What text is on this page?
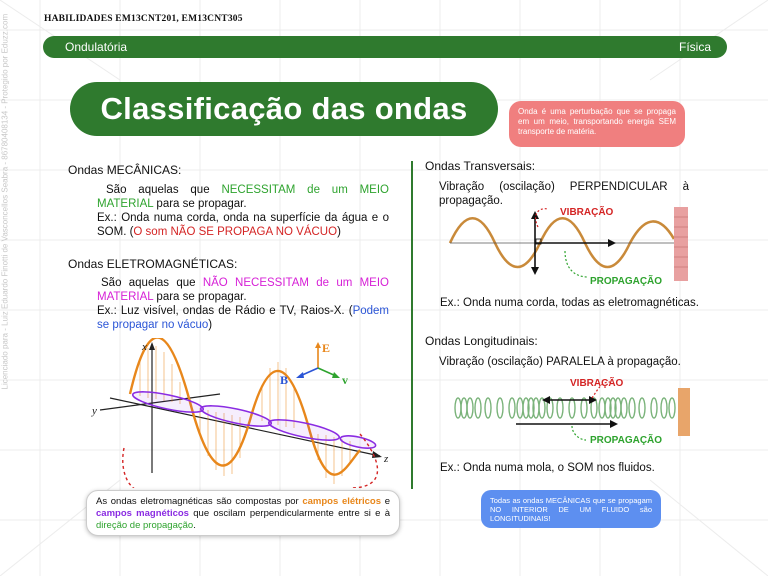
Licenciado para - Luiz Eduardo Finotti de Vasconcellos Seabra - 86780408134 - Protegido por Eduzz.com	HABILIDADES EM13CNT201, EM13CNT305
Ondulatória	Física
Classificação das ondas	Onda é uma perturbação que se propaga em um meio, transportando energia SEM transporte de matéria.
Ondas MECÂNICAS:
São aquelas que NECESSITAM de um MEIO MATERIAL para se propagar.
Ex.: Onda numa corda, onda na superfície da água e o SOM. (O som NÃO SE PROPAGA NO VÁCUO)
Ondas ELETROMAGNÉTICAS:
São aquelas que NÃO NECESSITAM de um MEIO MATERIAL para se propagar.
Ex.: Luz visível, ondas de Rádio e TV, Raios-X. (Podem se propagar no vácuo)
x
y
z
E
B	v
As ondas eletromagnéticas são compostas por campos elétricos e campos magnéticos que oscilam perpendicularmente entre si e à direção de propagação.
Ondas Transversais:
Vibração (oscilação) PERPENDICULAR à propagação.
VIBRAÇÃO
PROPAGAÇÃO
Ex.: Onda numa corda, todas as eletromagnéticas.
Ondas Longitudinais:
Vibração (oscilação) PARALELA à propagação.
VIBRAÇÃO
PROPAGAÇÃO
Ex.: Onda numa mola, o SOM nos fluidos.
Todas as ondas MECÂNICAS que se propagam NO INTERIOR DE UM FLUIDO são LONGITUDINAIS!
